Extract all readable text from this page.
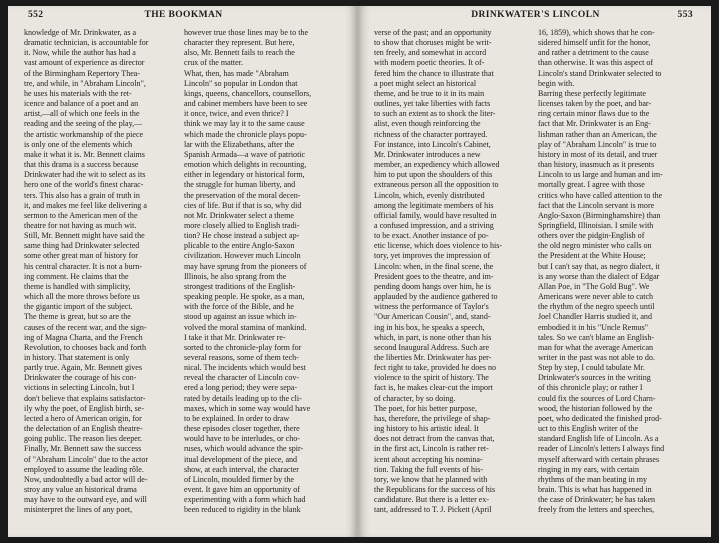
552	THE BOOKMAN
knowledge of Mr. Drinkwater, as a
dramatic technician, is accountable for
it. Now, while the author has had a
vast amount of experience as director
of the Birmingham Repertory Thea-
tre, and while, in "Abraham Lincoln",
he uses his materials with the ret-
icence and balance of a poet and an
artist,—all of which one feels in the
reading and the seeing of the play,—
the artistic workmanship of the piece
is only one of the elements which
make it what it is. Mr. Bennett claims
that this drama is a success because
Drinkwater had the wit to select as its
hero one of the world's finest charac-
ters. This also has a grain of truth in
it, and makes me feel like delivering a
sermon to the American men of the
theatre for not having as much wit.
Still, Mr. Bennett might have said the
same thing had Drinkwater selected
some other great man of history for
his central character. It is not a burn-
ing comment. He claims that the
theme is handled with simplicity,
which all the more throws before us
the gigantic import of the subject.
The theme is great, but so are the
causes of the recent war, and the sign-
ing of Magna Charta, and the French
Revolution, to chooses back and forth
in history. That statement is only
partly true. Again, Mr. Bennett gives
Drinkwater the courage of his con-
victions in selecting Lincoln, but I
don't believe that explains satisfactor-
ily why the poet, of English birth, se-
lected a hero of American origin, for
the delectation of an English theatre-
going public. The reason lies deeper.
Finally, Mr. Bennett saw the success
of "Abraham Lincoln" due to the actor
employed to assume the leading rôle.
Now, undoubtedly a bad actor will de-
stroy any value an historical drama
may have to the outward eye, and will
misinterpret the lines of any poet,
however true those lines may be to the
character they represent. But here,
also, Mr. Bennett fails to reach the
crux of the matter.
What, then, has made "Abraham
Lincoln" so popular in London that
kings, queens, chancellors, counsellors,
and cabinet members have been to see
it once, twice, and even thrice? I
think we may lay it to the same cause
which made the chronicle plays popu-
lar with the Elizabethans, after the
Spanish Armada—a wave of patriotic
emotion which delights in recounting,
either in legendary or historical form,
the struggle for human liberty, and
the preservation of the moral decen-
cies of life. But if that is so, why did
not Mr. Drinkwater select a theme
more closely allied to English tradi-
tion? He chose instead a subject ap-
plicable to the entire Anglo-Saxon
civilization. However much Lincoln
may have sprung from the pioneers of
Illinois, he also sprang from the
strongest traditions of the English-
speaking people. He spoke, as a man,
with the force of the Bible, and he
stood up against an issue which in-
volved the moral stamina of mankind.
I take it that Mr. Drinkwater re-
sorted to the chronicle-play form for
several reasons, some of them tech-
nical. The incidents which would best
reveal the character of Lincoln cov-
ered a long period; they were sepa-
rated by details leading up to the cli-
maxes, which in some way would have
to be explained. In order to draw
these episodes closer together, there
would have to be interludes, or cho-
ruses, which would advance the spir-
itual development of the piece, and
show, at each interval, the character
of Lincoln, moulded firmer by the
event. It gave him an opportunity of
experimenting with a form which had
been reduced to rigidity in the blank
DRINKWATER'S LINCOLN	553
verse of the past; and an opportunity
to show that choruses might be writ-
ten freely, and somewhat in accord
with modern poetic theories. It of-
fered him the chance to illustrate that
a poet might select an historical
theme, and be true to it in its main
outlines, yet take liberties with facts
to such an extent as to shock the liter-
alist, even though reinforcing the
richness of the character portrayed.
For instance, into Lincoln's Cabinet,
Mr. Drinkwater introduces a new
member, an expediency which allowed
him to put upon the shoulders of this
extraneous person all the opposition to
Lincoln, which, evenly distributed
among the legitimate members of his
official family, would have resulted in
a confused impression, and a striving
to be exact. Another instance of po-
etic license, which does violence to his-
tory, yet improves the impression of
Lincoln: when, in the final scene, the
President goes to the theatre, and im-
pending doom hangs over him, he is
applauded by the audience gathered to
witness the performance of Taylor's
"Our American Cousin", and, stand-
ing in his box, he speaks a speech,
which, in part, is none other than his
second Inaugural Address. Such are
the liberties Mr. Drinkwater has per-
fect right to take, provided he does no
violence to the spirit of history. The
fact is, he makes clear-cut the import
of character, by so doing.
The poet, for his better purpose,
has, therefore, the privilege of shap-
ing history to his artistic ideal. It
does not detract from the canvas that,
in the first act, Lincoln is rather ret-
icent about accepting his nomina-
tion. Taking the full events of his-
tory, we know that he planned with
the Republicans for the success of his
candidature. But there is a letter ex-
tant, addressed to T. J. Pickett (April
16, 1859), which shows that he con-
sidered himself unfit for the honor,
and rather a detriment to the cause
than otherwise. It was this aspect of
Lincoln's stand Drinkwater selected to
begin with.
Barring these perfectly legitimate
licenses taken by the poet, and bar-
ring certain minor flaws due to the
fact that Mr. Drinkwater is an Eng-
lishman rather than an American, the
play of "Abraham Lincoln" is true to
history in most of its detail, and truer
than history, inasmuch as it presents
Lincoln to us large and human and im-
mortally great. I agree with those
critics who have called attention to the
fact that the Lincoln servant is more
Anglo-Saxon (Birminghamshire) than
Springfield, Illinoisian. I smile with
others over the pidgin-English of
the old negro minister who calls on
the President at the White House;
but I can't say that, as negro dialect, it
is any worse than the dialect of Edgar
Allan Poe, in "The Gold Bug". We
Americans were never able to catch
the rhythm of the negro speech until
Joel Chandler Harris studied it, and
embodied it in his "Uncle Remus"
tales. So we can't blame an English-
man for what the average American
writer in the past was not able to do.
Step by step, I could tabulate Mr.
Drinkwater's sources in the writing
of this chronicle play; or rather I
could fix the sources of Lord Charn-
wood, the historian followed by the
poet, who dedicated the finished prod-
uct to this English writer of the
standard English life of Lincoln. As a
reader of Lincoln's letters I always find
myself afterward with certain phrases
ringing in my ears, with certain
rhythms of the man beating in my
brain. This is what has happened in
the case of Drinkwater; he has taken
freely from the letters and speeches,
